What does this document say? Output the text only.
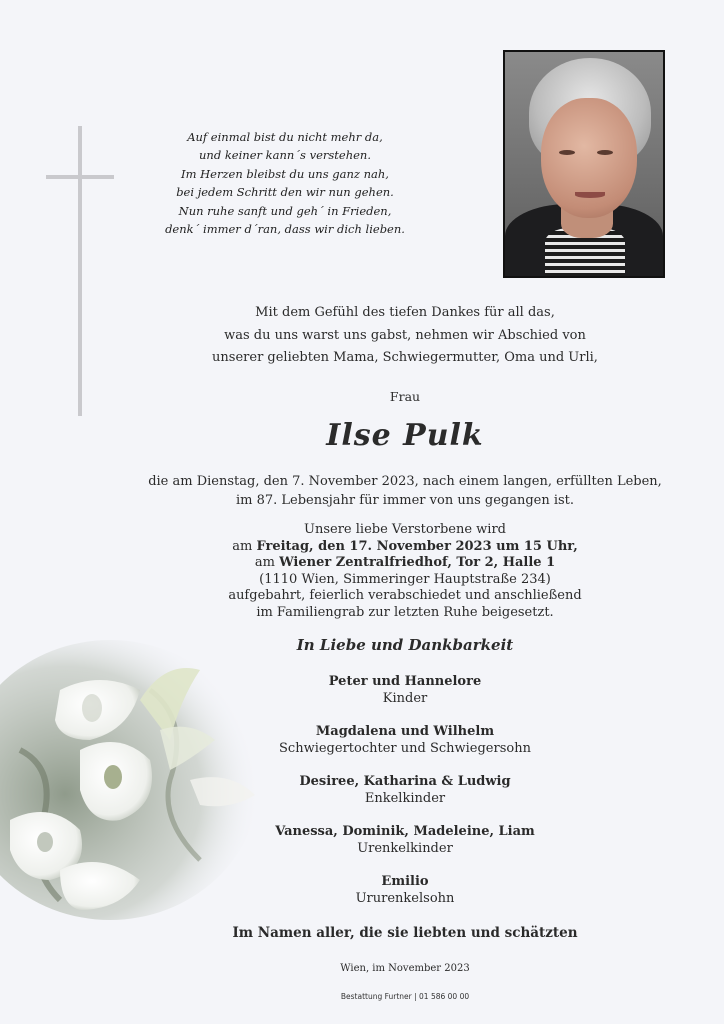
Auf einmal bist du nicht mehr da,
und keiner kann´s verstehen.
Im Herzen bleibst du uns ganz nah,
bei jedem Schritt den wir nun gehen.
Nun ruhe sanft und geh´ in Frieden,
denk´ immer d´ran, dass wir dich lieben.
Mit dem Gefühl des tiefen Dankes für all das,
was du uns warst uns gabst, nehmen wir Abschied von
unserer geliebten Mama, Schwiegermutter, Oma und Urli,
Frau
Ilse Pulk
die am Dienstag, den 7. November 2023, nach einem langen, erfüllten Leben,
im 87. Lebensjahr für immer von uns gegangen ist.
Unsere liebe Verstorbene wird
am Freitag, den 17. November 2023 um 15 Uhr,
am Wiener Zentralfriedhof, Tor 2, Halle 1
(1110 Wien, Simmeringer Hauptstraße 234)
aufgebahrt, feierlich verabschiedet und anschließend
im Familiengrab zur letzten Ruhe beigesetzt.
In Liebe und Dankbarkeit
Peter und Hannelore
Kinder
Magdalena und Wilhelm
Schwiegertochter und Schwiegersohn
Desiree, Katharina & Ludwig
Enkelkinder
Vanessa, Dominik, Madeleine, Liam
Urenkelkinder
Emilio
Ururenkelsohn
Im Namen aller, die sie liebten und schätzten
Wien, im November 2023
Bestattung Furtner | 01 586 00 00
